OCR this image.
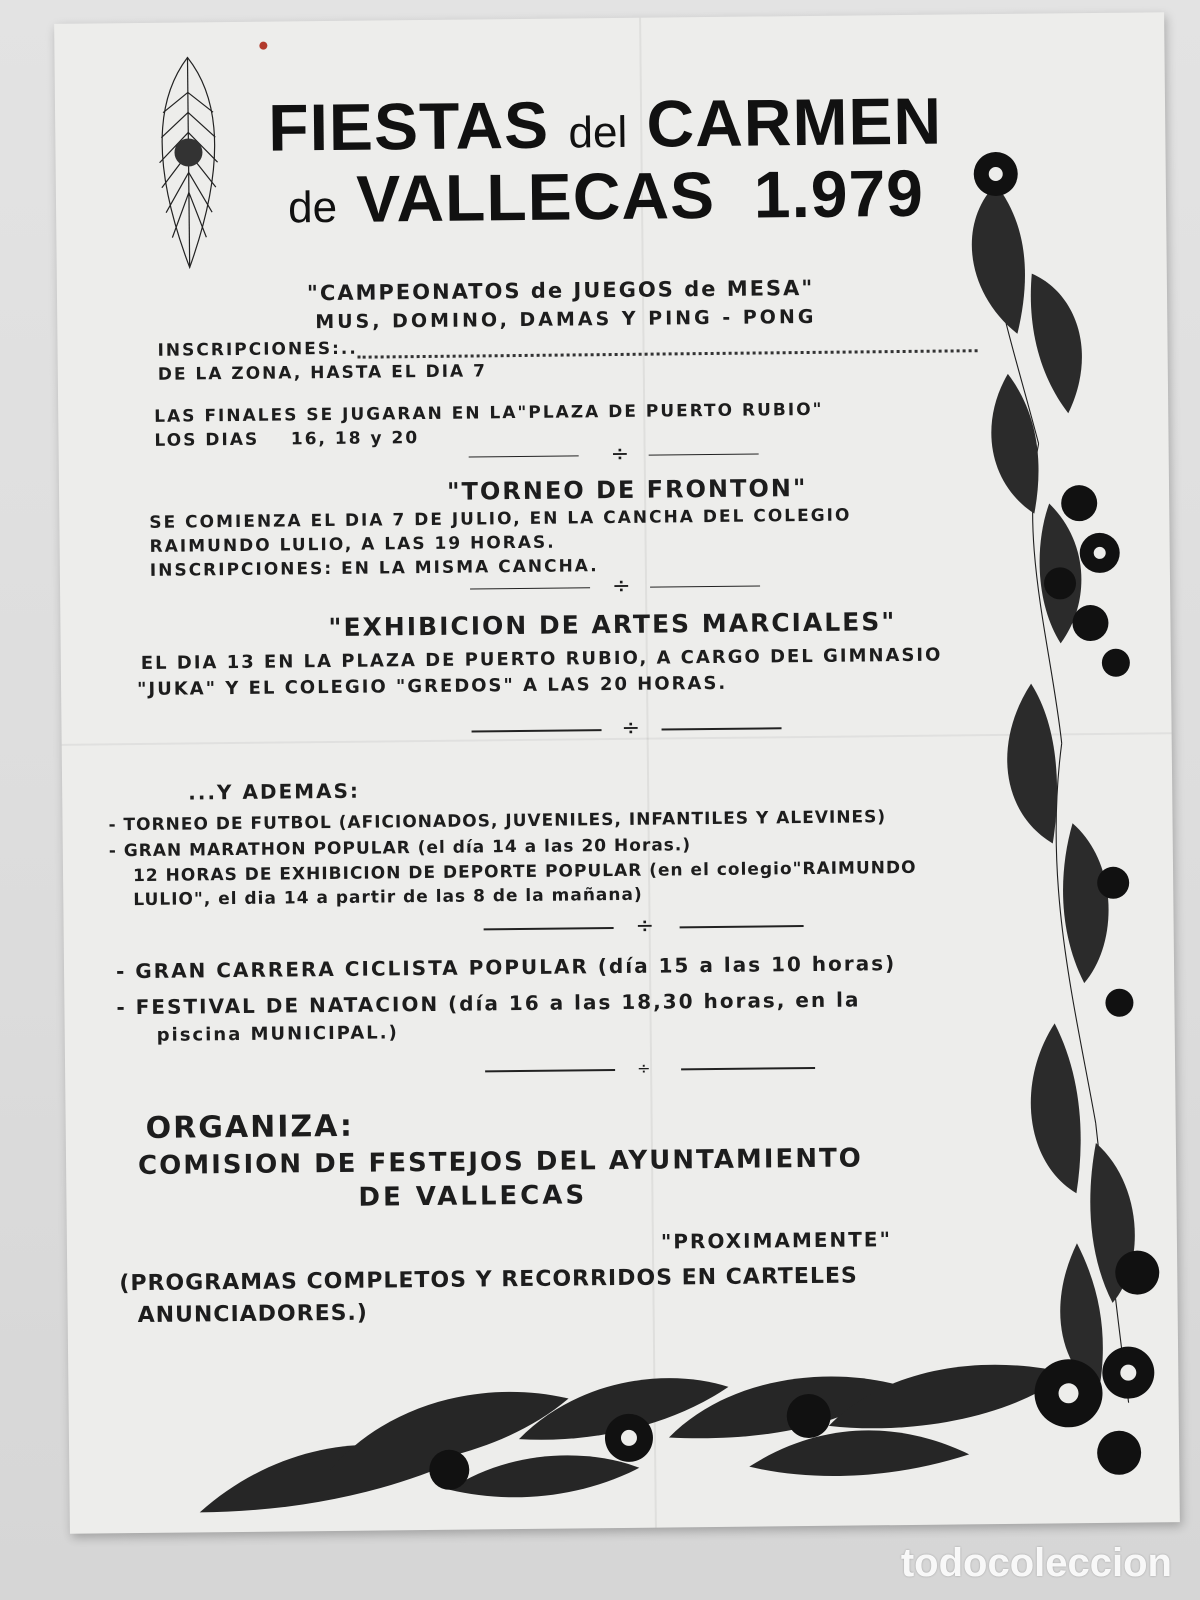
FIESTAS del CARMEN
de VALLECAS 1.979
"CAMPEONATOS de JUEGOS de MESA"
MUS, DOMINO, DAMAS Y PING - PONG
INSCRIPCIONES:..
DE LA ZONA, HASTA EL DIA 7
LAS FINALES SE JUGARAN EN LA"PLAZA DE PUERTO RUBIO"
LOS DIAS    16, 18 y 20
÷
"TORNEO DE FRONTON"
SE COMIENZA EL DIA 7 DE JULIO, EN LA CANCHA DEL COLEGIO
RAIMUNDO LULIO, A LAS 19 HORAS.
INSCRIPCIONES: EN LA MISMA CANCHA.
÷
"EXHIBICION DE ARTES MARCIALES"
EL DIA 13 EN LA PLAZA DE PUERTO RUBIO, A CARGO DEL GIMNASIO
"JUKA" Y EL COLEGIO "GREDOS" A LAS 20 HORAS.
÷
...Y ADEMAS:
- TORNEO DE FUTBOL (AFICIONADOS, JUVENILES, INFANTILES Y ALEVINES)
- GRAN MARATHON POPULAR (el día 14 a las 20 Horas.)
12 HORAS DE EXHIBICION DE DEPORTE POPULAR (en el colegio"RAIMUNDO
LULIO", el dia 14 a partir de las 8 de la mañana)
÷
- GRAN CARRERA CICLISTA POPULAR (día 15 a las 10 horas)
- FESTIVAL DE NATACION (día 16 a las 18,30 horas, en la
piscina MUNICIPAL.)
÷
ORGANIZA:
COMISION DE FESTEJOS DEL AYUNTAMIENTO
DE VALLECAS
"PROXIMAMENTE"
(PROGRAMAS COMPLETOS Y RECORRIDOS EN CARTELES
ANUNCIADORES.)
todocoleccion
